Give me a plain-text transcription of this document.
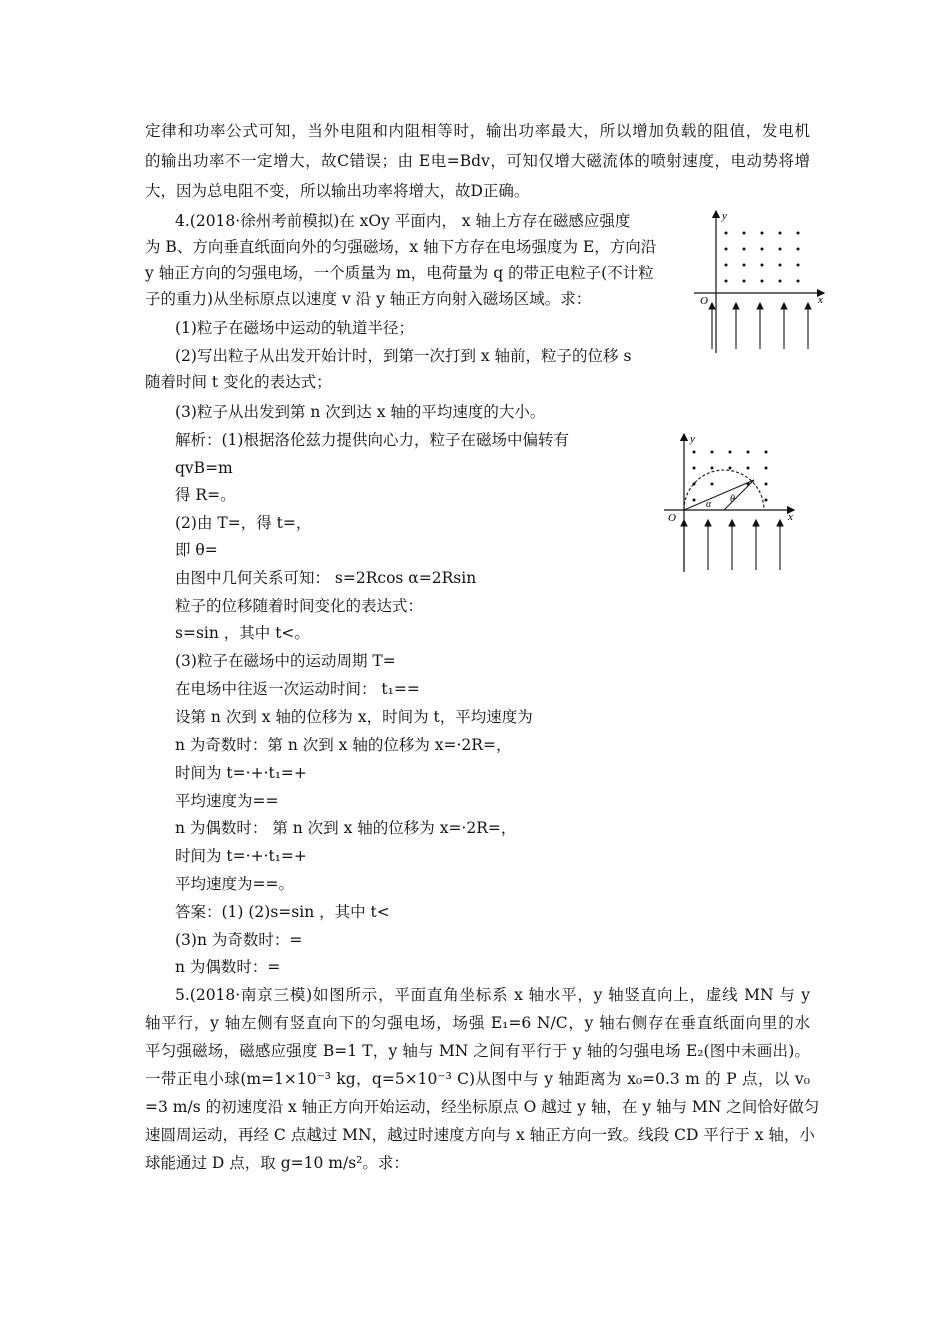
定律和功率公式可知，当外电阻和内阻相等时，输出功率最大，所以增加负载的阻值，发电机
的输出功率不一定增大，故C错误；由 E电=Bdv，可知仅增大磁流体的喷射速度，电动势将增
大，因为总电阻不变，所以输出功率将增大，故D正确。
4.(2018·徐州考前模拟)在 xOy 平面内， x 轴上方存在磁感应强度
为 B、方向垂直纸面向外的匀强磁场，x 轴下方存在电场强度为 E，方向沿
y 轴正方向的匀强电场，一个质量为 m，电荷量为 q 的带正电粒子(不计粒
子的重力)从坐标原点以速度 v 沿 y 轴正方向射入磁场区域。求：
(1)粒子在磁场中运动的轨道半径；
(2)写出粒子从出发开始计时，到第一次打到 x 轴前，粒子的位移 s
随着时间 t 变化的表达式；
(3)粒子从出发到第 n 次到达 x 轴的平均速度的大小。
解析：(1)根据洛伦兹力提供向心力，粒子在磁场中偏转有
qvB=m
得 R=。
(2)由 T=，得 t=，
即 θ=
由图中几何关系可知： s=2Rcos α=2Rsin
粒子的位移随着时间变化的表达式：
s=sin ，其中 t<。
(3)粒子在磁场中的运动周期 T=
在电场中往返一次运动时间： t₁==
设第 n 次到 x 轴的位移为 x，时间为 t，平均速度为
n 为奇数时：第 n 次到 x 轴的位移为 x=·2R=，
时间为 t=·+·t₁=+
平均速度为==
n 为偶数时： 第 n 次到 x 轴的位移为 x=·2R=，
时间为 t=·+·t₁=+
平均速度为==。
答案：(1) (2)s=sin ，其中 t<
(3)n 为奇数时：=
n 为偶数时：=
5.(2018·南京三模)如图所示，平面直角坐标系 x 轴水平，y 轴竖直向上，虚线 MN 与 y
轴平行，y 轴左侧有竖直向下的匀强电场，场强 E₁=6 N/C，y 轴右侧存在垂直纸面向里的水
平匀强磁场，磁感应强度 B=1 T，y 轴与 MN 之间有平行于 y 轴的匀强电场 E₂(图中未画出)。
一带正电小球(m=1×10⁻³ kg，q=5×10⁻³ C)从图中与 y 轴距离为 x₀=0.3 m 的 P 点，以 v₀
=3 m/s 的初速度沿 x 轴正方向开始运动，经坐标原点 O 越过 y 轴，在 y 轴与 MN 之间恰好做匀
速圆周运动，再经 C 点越过 MN，越过时速度方向与 x 轴正方向一致。线段 CD 平行于 x 轴，小
球能通过 D 点，取 g=10 m/s²。求：
y
x
O
y
x
O
α θ
